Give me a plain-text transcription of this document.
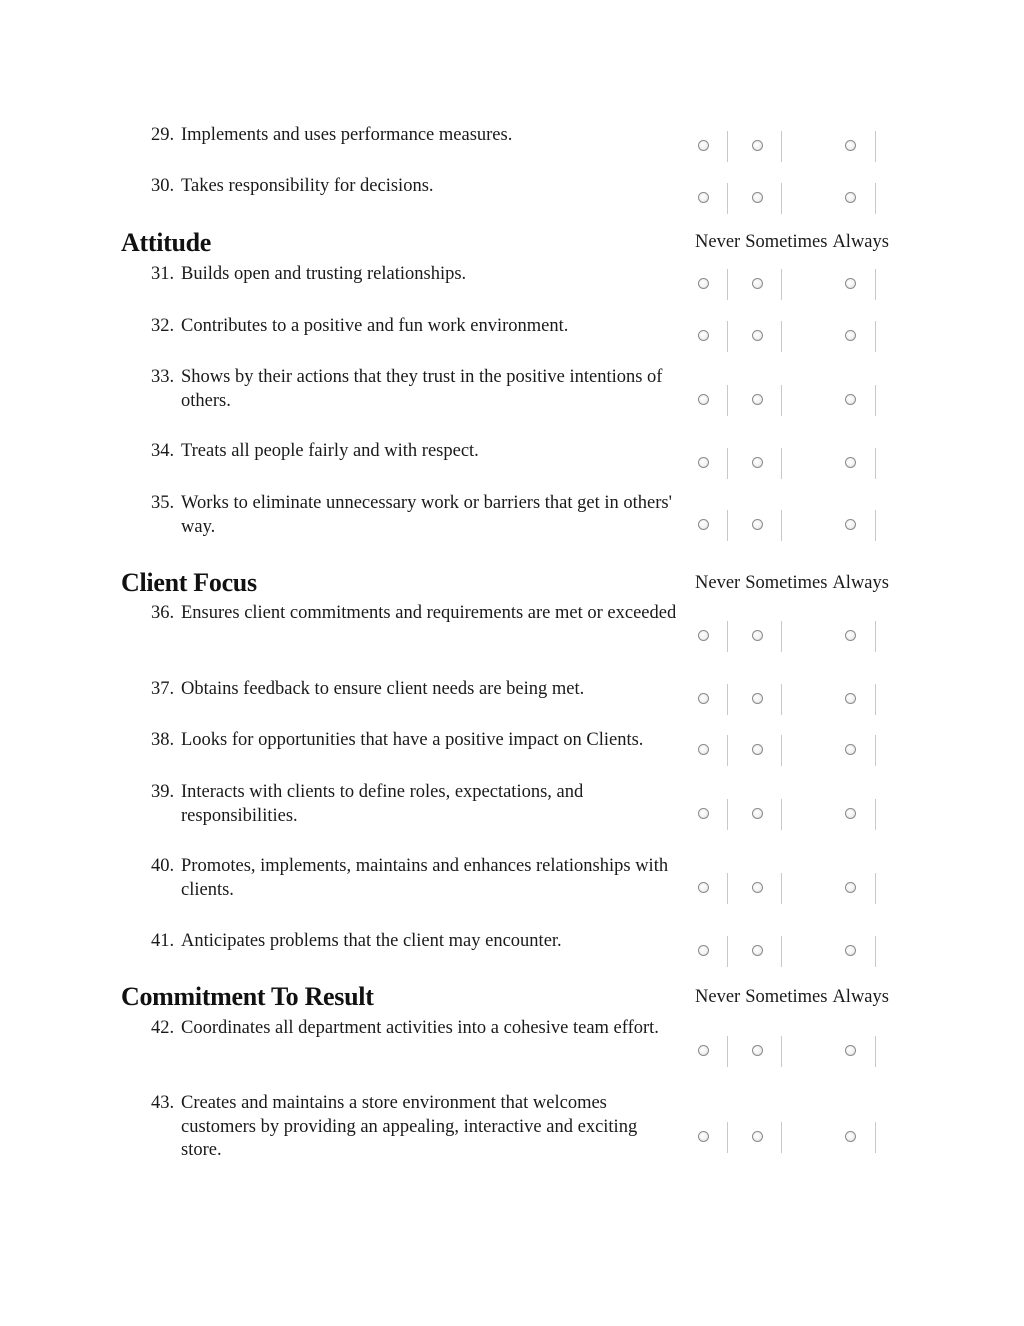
29. Implements and uses performance measures.
30. Takes responsibility for decisions.
Attitude	Never Sometimes Always
31. Builds open and trusting relationships.
32. Contributes to a positive and fun work environment.
33. Shows by their actions that they trust in the positive intentions of others.
34. Treats all people fairly and with respect.
35. Works to eliminate unnecessary work or barriers that get in others' way.
Client Focus	Never Sometimes Always
36. Ensures client commitments and requirements are met or exceeded
37. Obtains feedback to ensure client needs are being met.
38. Looks for opportunities that have a positive impact on Clients.
39. Interacts with clients to define roles, expectations, and responsibilities.
40. Promotes, implements, maintains and enhances relationships with clients.
41. Anticipates problems that the client may encounter.
Commitment To Result	Never Sometimes Always
42. Coordinates all department activities into a cohesive team effort.
43. Creates and maintains a store environment that welcomes customers by providing an appealing, interactive and exciting store.
